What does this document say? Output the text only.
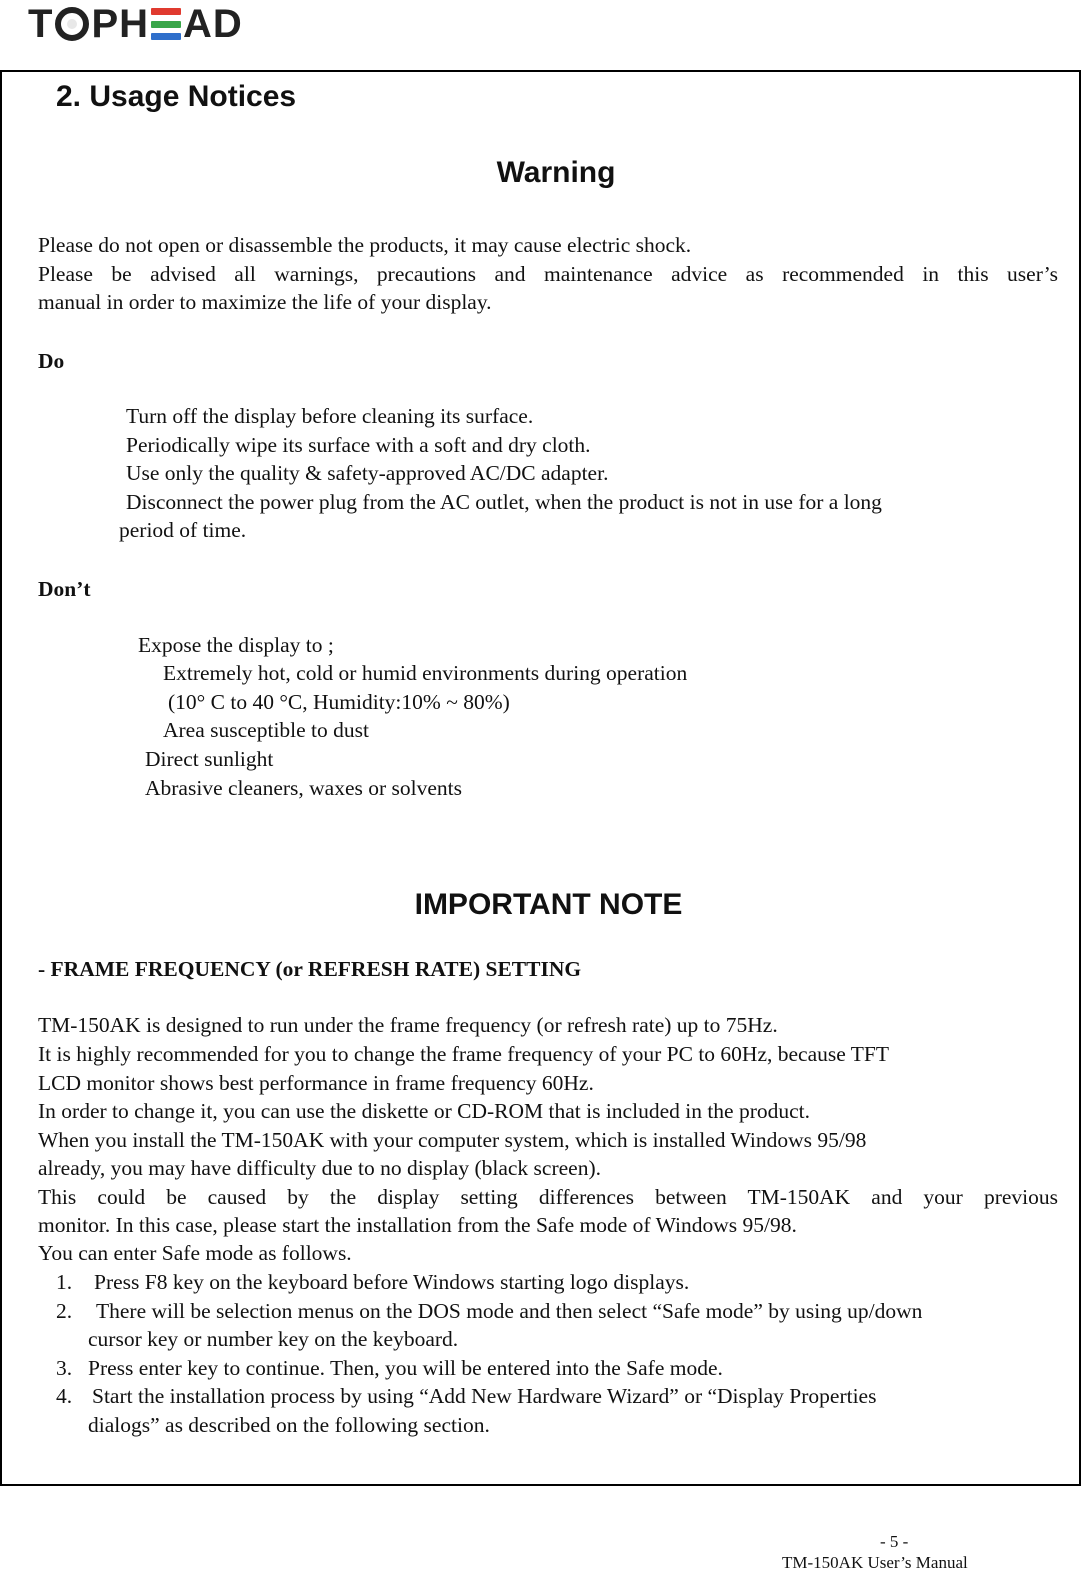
T PH AD
2. Usage Notices
Warning
Please do not open or disassemble the products, it may cause electric shock.
Please be advised all warnings, precautions and maintenance advice as recommended in this user’s
manual in order to maximize the life of your display.
Do
Turn off the display before cleaning its surface.
Periodically wipe its surface with a soft and dry cloth.
Use only the quality & safety-approved AC/DC adapter.
Disconnect the power plug from the AC outlet, when the product is not in use for a long
period of time.
Don’t
Expose the display to ;
Extremely hot, cold or humid environments during operation
(10° C to 40 °C, Humidity:10% ~ 80%)
Area susceptible to dust
Direct sunlight
Abrasive cleaners, waxes or solvents
IMPORTANT NOTE
- FRAME FREQUENCY (or REFRESH RATE) SETTING
TM-150AK is designed to run under the frame frequency (or refresh rate) up to 75Hz.
It is highly recommended for you to change the frame frequency of your PC to 60Hz, because TFT
LCD monitor shows best performance in frame frequency 60Hz.
In order to change it, you can use the diskette or CD-ROM that is included in the product.
When you install the TM-150AK with your computer system, which is installed Windows 95/98
already, you may have difficulty due to no display (black screen).
This could be caused by the display setting differences between TM-150AK and your previous
monitor. In this case, please start the installation from the Safe mode of Windows 95/98.
You can enter Safe mode as follows.
1. Press F8 key on the keyboard before Windows starting logo displays.
2. There will be selection menus on the DOS mode and then select “Safe mode” by using up/down
cursor key or number key on the keyboard.
3. Press enter key to continue. Then, you will be entered into the Safe mode.
4. Start the installation process by using “Add New Hardware Wizard” or “Display Properties
dialogs” as described on the following section.
- 5 -
TM-150AK User’s Manual
